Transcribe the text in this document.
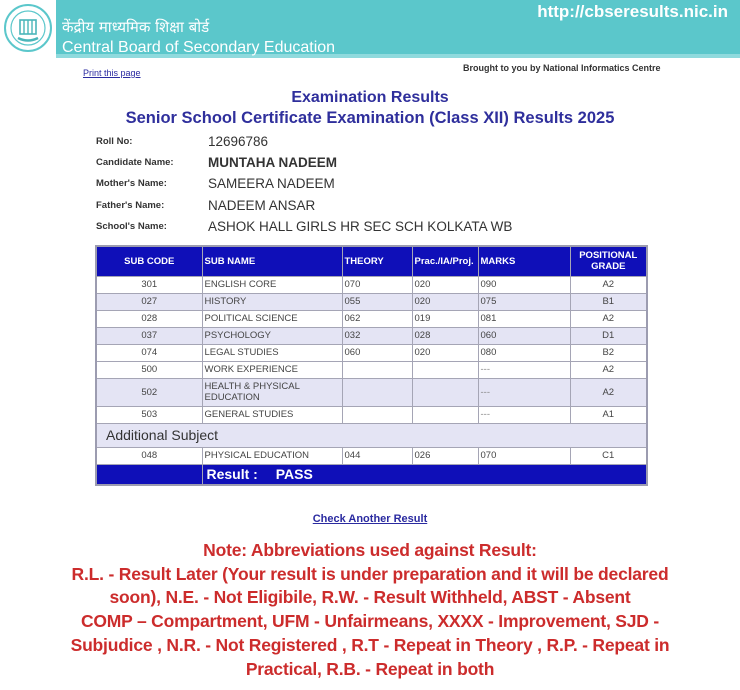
केंद्रीय माध्यमिक शिक्षा बोर्ड
Central Board of Secondary Education
http://cbseresults.nic.in
Print this page	Brought to you by National Informatics Centre
Examination Results
Senior School Certificate Examination (Class XII) Results 2025
Roll No:	12696786
Candidate Name:	MUNTAHA NADEEM
Mother's Name:	SAMEERA NADEEM
Father's Name:	NADEEM ANSAR
School's Name:	ASHOK HALL GIRLS HR SEC SCH KOLKATA WB
SUB CODE	SUB NAME	THEORY	Prac./IA/Proj.	MARKS	POSITIONAL GRADE
301	ENGLISH CORE	070	020	090	A2
027	HISTORY	055	020	075	B1
028	POLITICAL SCIENCE	062	019	081	A2
037	PSYCHOLOGY	032	028	060	D1
074	LEGAL STUDIES	060	020	080	B2
500	WORK EXPERIENCE			---	A2
502	HEALTH & PHYSICAL EDUCATION			---	A2
503	GENERAL STUDIES			---	A1
Additional Subject					
048	PHYSICAL EDUCATION	044	026	070	C1
	Result : PASS				
Check Another Result

Note: Abbreviations used against Result:

R.L. - Result Later (Your result is under preparation and it will be declared

soon), N.E. - Not Eligibile, R.W. - Result Withheld, ABST - Absent

COMP – Compartment, UFM - Unfairmeans, XXXX - Improvement, SJD -

Subjudice , N.R. - Not Registered , R.T - Repeat in Theory , R.P. - Repeat in

Practical, R.B. - Repeat in both
